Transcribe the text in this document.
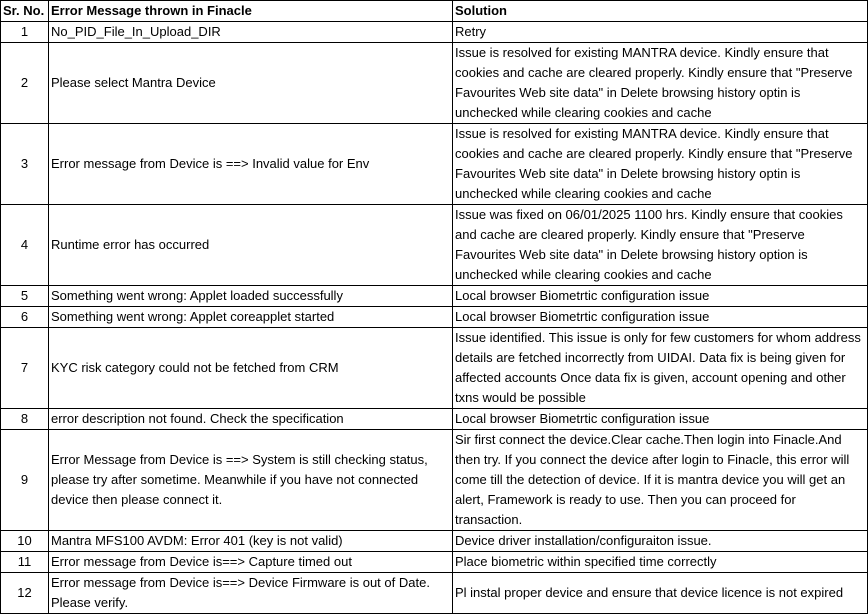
Sr. No.	Error Message thrown in Finacle	Solution
1	No_PID_File_In_Upload_DIR	Retry
2	Please select Mantra Device	Issue is resolved for existing MANTRA device. Kindly ensure that cookies and cache are cleared properly. Kindly ensure that "Preserve Favourites Web site data" in Delete browsing history optin is unchecked while clearing cookies and cache
3	Error message from Device is ==> Invalid value for Env	Issue is resolved for existing MANTRA device. Kindly ensure that cookies and cache are cleared properly. Kindly ensure that "Preserve Favourites Web site data" in Delete browsing history optin is unchecked while clearing cookies and cache
4	Runtime error has occurred	Issue was fixed on 06/01/2025 1100 hrs. Kindly ensure that cookies and cache are cleared properly. Kindly ensure that "Preserve Favourites Web site data" in Delete browsing history option is unchecked while clearing cookies and cache
5	Something went wrong: Applet loaded successfully	Local browser Biometrtic configuration issue
6	Something went wrong: Applet coreapplet started	Local browser Biometrtic configuration issue
7	KYC risk category could not be fetched from CRM	Issue identified. This issue is only for few customers for whom address details are fetched incorrectly from UIDAI. Data fix is being given for affected accounts Once data fix is given, account opening and other txns would be possible
8	error description not found. Check the specification	Local browser Biometrtic configuration issue
9	Error Message from Device is ==> System is still checking status, please try after sometime. Meanwhile if you have not connected device then please connect it.	Sir first connect the device.Clear cache.Then login into Finacle.And then try. If you connect the device after login to Finacle, this error will come till the detection of device. If it is mantra device you will get an alert, Framework is ready to use. Then you can proceed for transaction.
10	Mantra MFS100 AVDM: Error 401 (key is not valid)	Device driver installation/configuraiton issue.
11	Error message from Device is==> Capture timed out	Place biometric within specified time correctly
12	Error message from Device is==> Device Firmware is out of Date. Please verify.	Pl instal proper device and ensure that device licence is not expired
